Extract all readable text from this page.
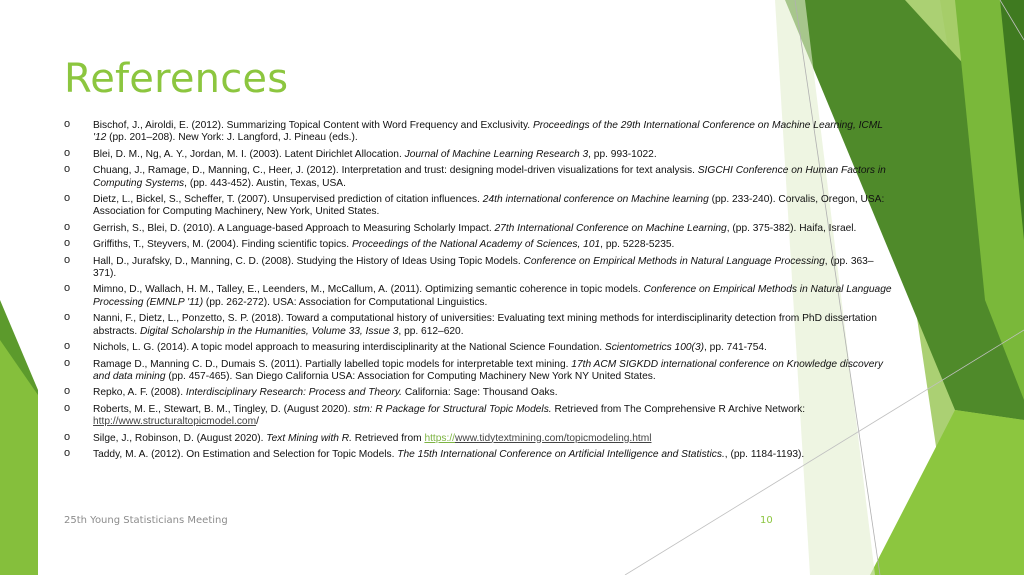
References
o Bischof, J., Airoldi, E. (2012). Summarizing Topical Content with Word Frequency and Exclusivity. Proceedings of the 29th International Conference on Machine Learning, ICML '12 (pp. 201–208). New York: J. Langford, J. Pineau (eds.).
o Blei, D. M., Ng, A. Y., Jordan, M. I. (2003). Latent Dirichlet Allocation. Journal of Machine Learning Research 3, pp. 993-1022.
o Chuang, J., Ramage, D., Manning, C., Heer, J. (2012). Interpretation and trust: designing model-driven visualizations for text analysis. SIGCHI Conference on Human Factors in Computing Systems, (pp. 443-452). Austin, Texas, USA.
o Dietz, L., Bickel, S., Scheffer, T. (2007). Unsupervised prediction of citation influences. 24th international conference on Machine learning (pp. 233-240). Corvalis, Oregon, USA: Association for Computing Machinery, New York, United States.
o Gerrish, S., Blei, D. (2010). A Language-based Approach to Measuring Scholarly Impact. 27th International Conference on Machine Learning, (pp. 375-382). Haifa, Israel.
o Griffiths, T., Steyvers, M. (2004). Finding scientific topics. Proceedings of the National Academy of Sciences, 101, pp. 5228-5235.
o Hall, D., Jurafsky, D., Manning, C. D. (2008). Studying the History of Ideas Using Topic Models. Conference on Empirical Methods in Natural Language Processing, (pp. 363–371).
o Mimno, D., Wallach, H. M., Talley, E., Leenders, M., McCallum, A. (2011). Optimizing semantic coherence in topic models. Conference on Empirical Methods in Natural Language Processing (EMNLP '11) (pp. 262-272). USA: Association for Computational Linguistics.
o Nanni, F., Dietz, L., Ponzetto, S. P. (2018). Toward a computational history of universities: Evaluating text mining methods for interdisciplinarity detection from PhD dissertation abstracts. Digital Scholarship in the Humanities, Volume 33, Issue 3, pp. 612–620.
o Nichols, L. G. (2014). A topic model approach to measuring interdisciplinarity at the National Science Foundation. Scientometrics 100(3), pp. 741-754.
o Ramage D., Manning C. D., Dumais S. (2011). Partially labelled topic models for interpretable text mining. 17th ACM SIGKDD international conference on Knowledge discovery and data mining (pp. 457-465). San Diego California USA: Association for Computing Machinery New York NY United States.
o Repko, A. F. (2008). Interdisciplinary Research: Process and Theory. California: Sage: Thousand Oaks.
o Roberts, M. E., Stewart, B. M., Tingley, D. (August 2020). stm: R Package for Structural Topic Models. Retrieved from The Comprehensive R Archive Network: http://www.structuraltopicmodel.com/
o Silge, J., Robinson, D. (August 2020). Text Mining with R. Retrieved from https://www.tidytextmining.com/topicmodeling.html
o Taddy, M. A. (2012). On Estimation and Selection for Topic Models. The 15th International Conference on Artificial Intelligence and Statistics., (pp. 1184-1193).
25th Young Statisticians Meeting	10
